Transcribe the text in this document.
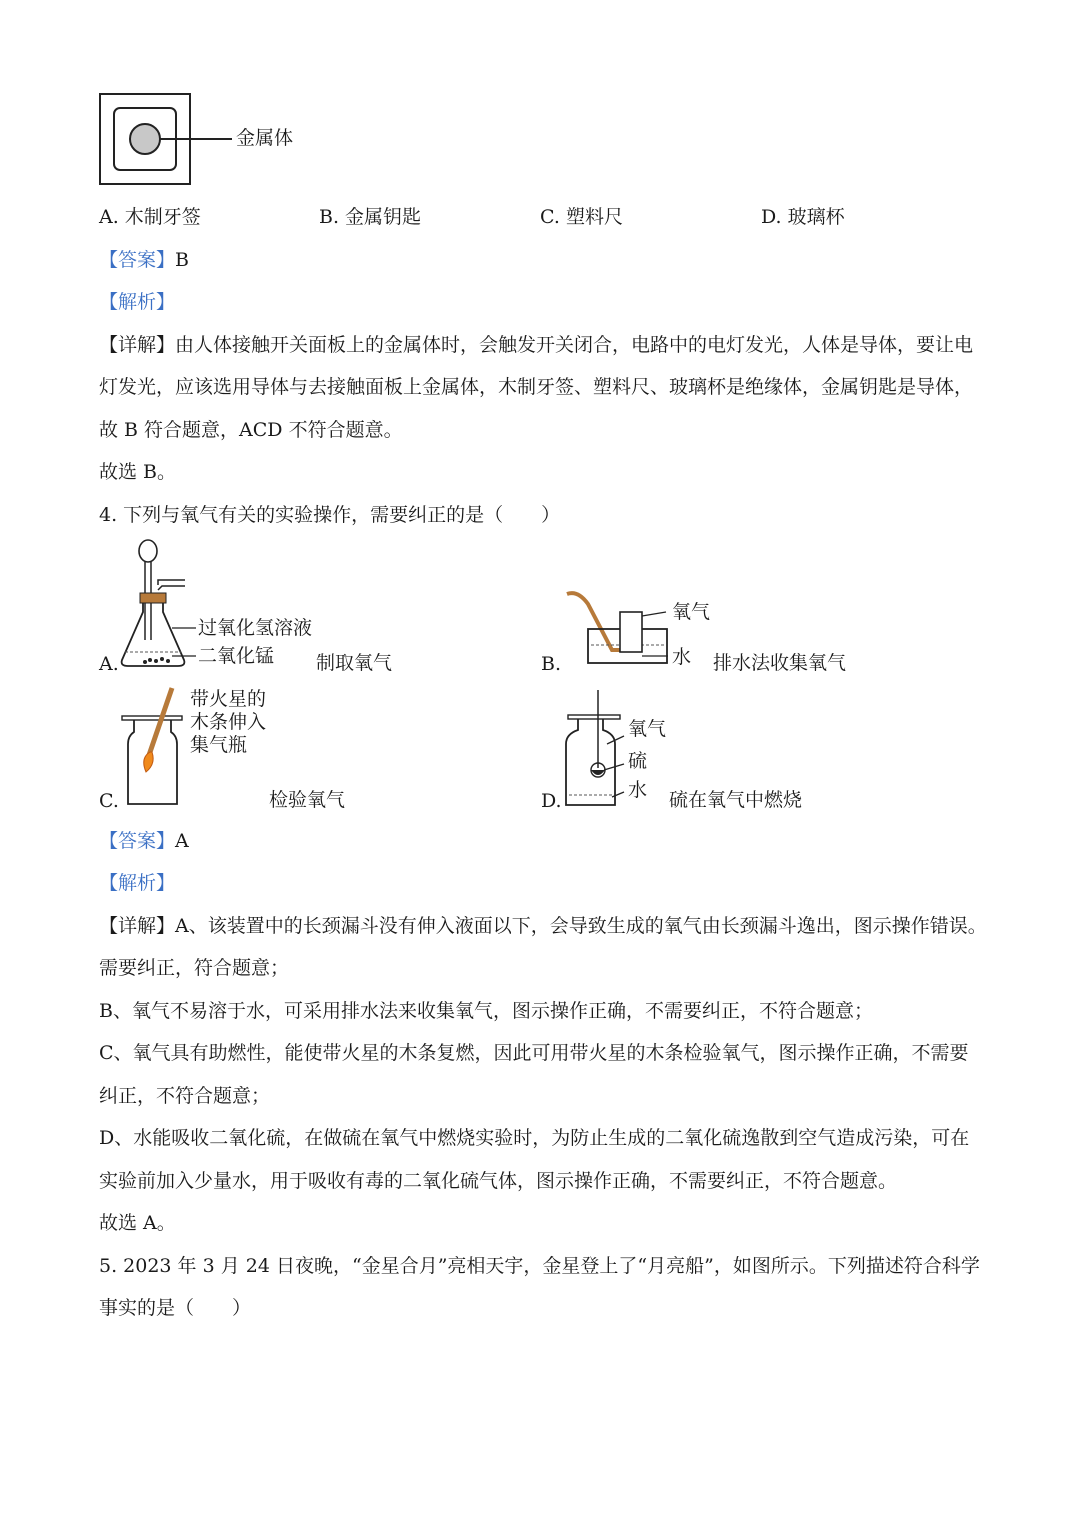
金属体
A. 木制牙签	B. 金属钥匙	C. 塑料尺	D. 玻璃杯
【答案】B
【解析】
【详解】由人体接触开关面板上的金属体时，会触发开关闭合，电路中的电灯发光，人体是导体，要让电
灯发光，应该选用导体与去接触面板上金属体，木制牙签、塑料尺、玻璃杯是绝缘体，金属钥匙是导体，
故 B 符合题意，ACD 不符合题意。
故选 B。
4. 下列与氧气有关的实验操作，需要纠正的是（　　）
A.
过氧化氢溶液
二氧化锰 制取氧气	B.
氧气
水 排水法收集氧气
C.
带火星的
木条伸入
集气瓶
检验氧气	D.
氧气
硫
水 硫在氧气中燃烧
【答案】A
【解析】
【详解】A、该装置中的长颈漏斗没有伸入液面以下，会导致生成的氧气由长颈漏斗逸出，图示操作错误。
需要纠正，符合题意；
B、氧气不易溶于水，可采用排水法来收集氧气，图示操作正确，不需要纠正，不符合题意；
C、氧气具有助燃性，能使带火星的木条复燃，因此可用带火星的木条检验氧气，图示操作正确，不需要
纠正，不符合题意；
D、水能吸收二氧化硫，在做硫在氧气中燃烧实验时，为防止生成的二氧化硫逸散到空气造成污染，可在
实验前加入少量水，用于吸收有毒的二氧化硫气体，图示操作正确，不需要纠正，不符合题意。
故选 A。
5. 2023 年 3 月 24 日夜晚，“金星合月”亮相天宇，金星登上了“月亮船”，如图所示。下列描述符合科学
事实的是（　　）
